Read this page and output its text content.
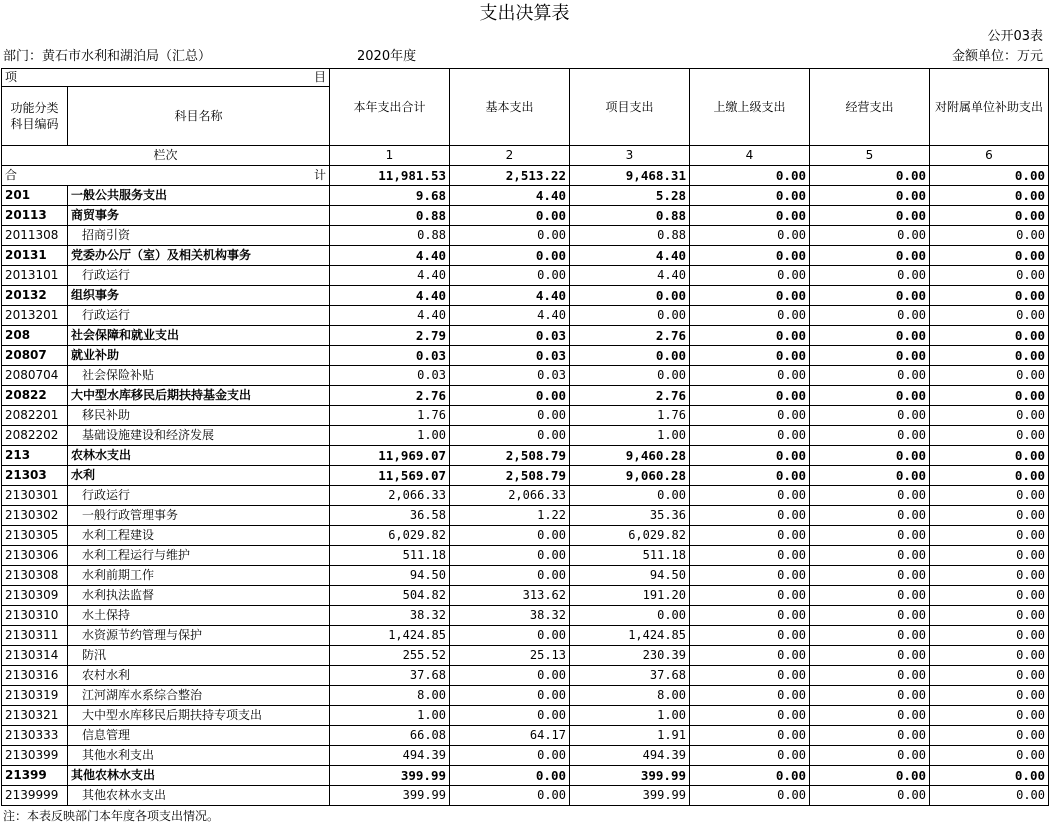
支出决算表
公开03表
部门：黄石市水利和湖泊局（汇总）	2020年度	金额单位：万元
项 目		本年支出合计	基本支出	项目支出	上缴上级支出	经营支出	对附属单位补助支出
功能分类科目编码	科目名称						
栏次		1	2	3	4	5	6

合 计		11,981.53	2,513.22	9,468.31	0.00	0.00	0.00
201	一般公共服务支出	9.68	4.40	5.28	0.00	0.00	0.00
20113	商贸事务	0.88	0.00	0.88	0.00	0.00	0.00
2011308	招商引资	0.88	0.00	0.88	0.00	0.00	0.00
20131	党委办公厅（室）及相关机构事务	4.40	0.00	4.40	0.00	0.00	0.00
2013101	行政运行	4.40	0.00	4.40	0.00	0.00	0.00
20132	组织事务	4.40	4.40	0.00	0.00	0.00	0.00
2013201	行政运行	4.40	4.40	0.00	0.00	0.00	0.00
208	社会保障和就业支出	2.79	0.03	2.76	0.00	0.00	0.00
20807	就业补助	0.03	0.03	0.00	0.00	0.00	0.00
2080704	社会保险补贴	0.03	0.03	0.00	0.00	0.00	0.00
20822	大中型水库移民后期扶持基金支出	2.76	0.00	2.76	0.00	0.00	0.00
2082201	移民补助	1.76	0.00	1.76	0.00	0.00	0.00
2082202	基础设施建设和经济发展	1.00	0.00	1.00	0.00	0.00	0.00
213	农林水支出	11,969.07	2,508.79	9,460.28	0.00	0.00	0.00
21303	水利	11,569.07	2,508.79	9,060.28	0.00	0.00	0.00
2130301	行政运行	2,066.33	2,066.33	0.00	0.00	0.00	0.00
2130302	一般行政管理事务	36.58	1.22	35.36	0.00	0.00	0.00
2130305	水利工程建设	6,029.82	0.00	6,029.82	0.00	0.00	0.00
2130306	水利工程运行与维护	511.18	0.00	511.18	0.00	0.00	0.00
2130308	水利前期工作	94.50	0.00	94.50	0.00	0.00	0.00
2130309	水利执法监督	504.82	313.62	191.20	0.00	0.00	0.00
2130310	水土保持	38.32	38.32	0.00	0.00	0.00	0.00
2130311	水资源节约管理与保护	1,424.85	0.00	1,424.85	0.00	0.00	0.00
2130314	防汛	255.52	25.13	230.39	0.00	0.00	0.00
2130316	农村水利	37.68	0.00	37.68	0.00	0.00	0.00
2130319	江河湖库水系综合整治	8.00	0.00	8.00	0.00	0.00	0.00
2130321	大中型水库移民后期扶持专项支出	1.00	0.00	1.00	0.00	0.00	0.00
2130333	信息管理	66.08	64.17	1.91	0.00	0.00	0.00
2130399	其他水利支出	494.39	0.00	494.39	0.00	0.00	0.00
21399	其他农林水支出	399.99	0.00	399.99	0.00	0.00	0.00
2139999	其他农林水支出	399.99	0.00	399.99	0.00	0.00	0.00
注：本表反映部门本年度各项支出情况。
